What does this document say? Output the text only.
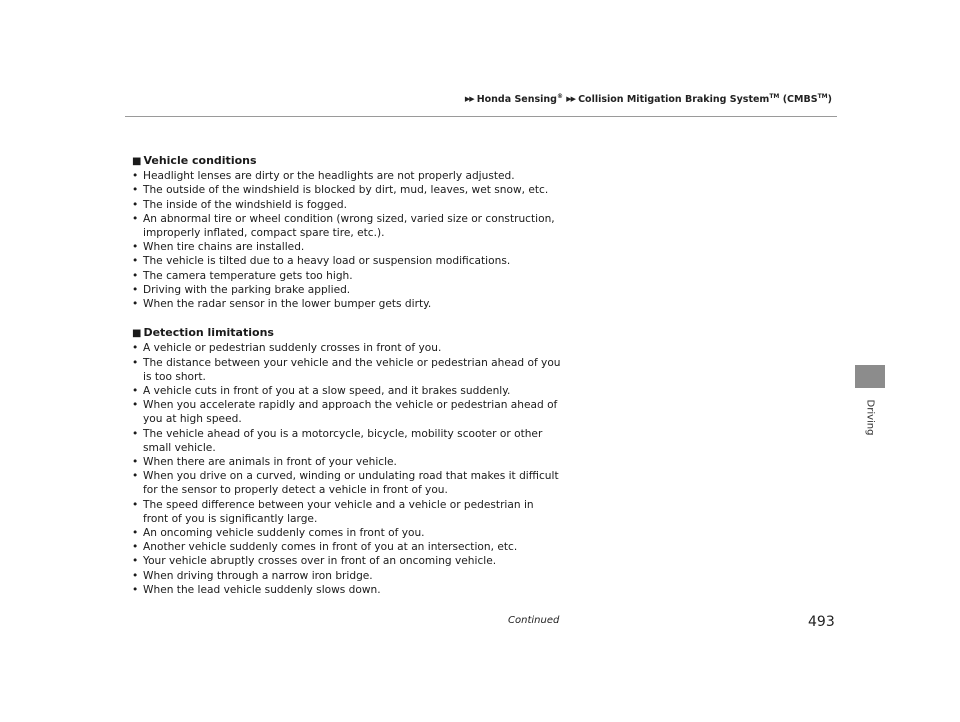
▶▶ Honda Sensing® ▶▶ Collision Mitigation Braking System™ (CMBS™)
Driving
■ Vehicle conditions
• Headlight lenses are dirty or the headlights are not properly adjusted.
• The outside of the windshield is blocked by dirt, mud, leaves, wet snow, etc.
• The inside of the windshield is fogged.
• An abnormal tire or wheel condition (wrong sized, varied size or construction, improperly inflated, compact spare tire, etc.).
• When tire chains are installed.
• The vehicle is tilted due to a heavy load or suspension modifications.
• The camera temperature gets too high.
• Driving with the parking brake applied.
• When the radar sensor in the lower bumper gets dirty.
■ Detection limitations
• A vehicle or pedestrian suddenly crosses in front of you.
• The distance between your vehicle and the vehicle or pedestrian ahead of you is too short.
• A vehicle cuts in front of you at a slow speed, and it brakes suddenly.
• When you accelerate rapidly and approach the vehicle or pedestrian ahead of you at high speed.
• The vehicle ahead of you is a motorcycle, bicycle, mobility scooter or other small vehicle.
• When there are animals in front of your vehicle.
• When you drive on a curved, winding or undulating road that makes it difficult for the sensor to properly detect a vehicle in front of you.
• The speed difference between your vehicle and a vehicle or pedestrian in front of you is significantly large.
• An oncoming vehicle suddenly comes in front of you.
• Another vehicle suddenly comes in front of you at an intersection, etc.
• Your vehicle abruptly crosses over in front of an oncoming vehicle.
• When driving through a narrow iron bridge.
• When the lead vehicle suddenly slows down.
Continued	493
